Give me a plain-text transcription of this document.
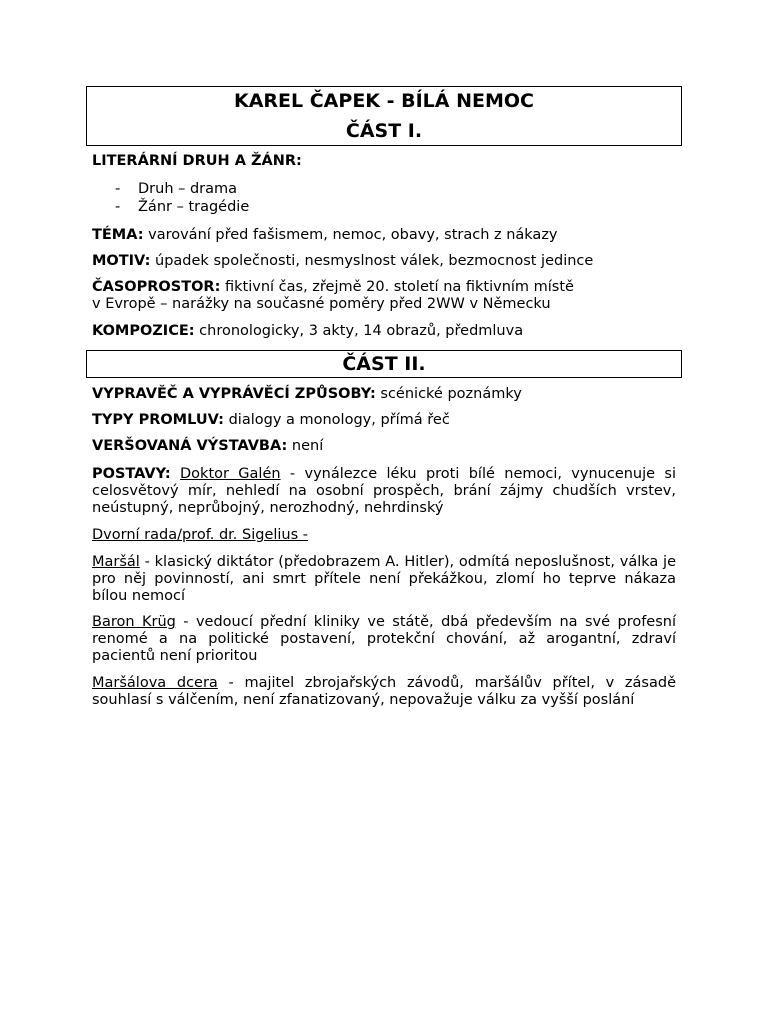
KAREL ČAPEK - BÍLÁ NEMOC
ČÁST I.
LITERÁRNÍ DRUH A ŽÁNR:
- Druh – drama
- Žánr – tragédie
TÉMA: varování před fašismem, nemoc, obavy, strach z nákazy
MOTIV: úpadek společnosti, nesmyslnost válek, bezmocnost jedince
ČASOPROSTOR: fiktivní čas, zřejmě 20. století na fiktivním místě
v Evropě – narážky na současné poměry před 2WW v Německu
KOMPOZICE: chronologicky, 3 akty, 14 obrazů, předmluva
ČÁST II.
VYPRAVĚČ A VYPRÁVĚCÍ ZPŮSOBY: scénické poznámky
TYPY PROMLUV: dialogy a monology, přímá řeč
VERŠOVANÁ VÝSTAVBA: není
POSTAVY: Doktor Galén - vynálezce léku proti bílé nemoci, vynucenuje si celosvětový mír, nehledí na osobní prospěch, brání zájmy chudších vrstev, neústupný, neprůbojný, nerozhodný, nehrdinský
Dvorní rada/prof. dr. Sigelius -
Maršál - klasický diktátor (předobrazem A. Hitler), odmítá neposlušnost, válka je pro něj povinností, ani smrt přítele není překážkou, zlomí ho teprve nákaza bílou nemocí
Baron Krüg - vedoucí přední kliniky ve státě, dbá především na své profesní renomé a na politické postavení, protekční chování, až arogantní, zdraví pacientů není prioritou
Maršálova dcera - majitel zbrojařských závodů, maršálův přítel, v zásadě souhlasí s válčením, není zfanatizovaný, nepovažuje válku za vyšší poslání
